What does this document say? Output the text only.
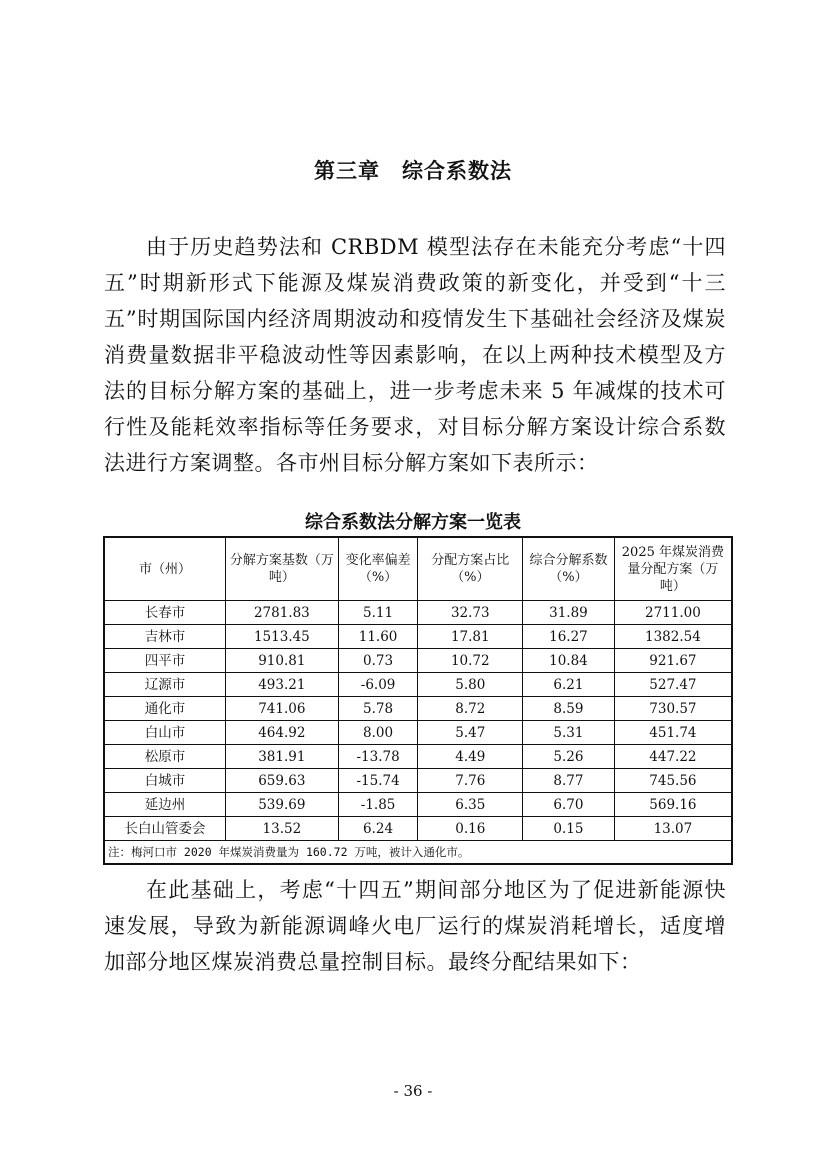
第三章　综合系数法

由于历史趋势法和 CRBDM 模型法存在未能充分考虑“十四五”时期新形式下能源及煤炭消费政策的新变化，并受到“十三五”时期国际国内经济周期波动和疫情发生下基础社会经济及煤炭消费量数据非平稳波动性等因素影响，在以上两种技术模型及方法的目标分解方案的基础上，进一步考虑未来 5 年减煤的技术可行性及能耗效率指标等任务要求，对目标分解方案设计综合系数法进行方案调整。各市州目标分解方案如下表所示：

综合系数法分解方案一览表
市（州）	分解方案基数（万吨）	变化率偏差（%）	分配方案占比（%）	综合分解系数（%）	2025 年煤炭消费量分配方案（万吨）
长春市	2781.83	5.11	32.73	31.89	2711.00
吉林市	1513.45	11.60	17.81	16.27	1382.54
四平市	910.81	0.73	10.72	10.84	921.67
辽源市	493.21	-6.09	5.80	6.21	527.47
通化市	741.06	5.78	8.72	8.59	730.57
白山市	464.92	8.00	5.47	5.31	451.74
松原市	381.91	-13.78	4.49	5.26	447.22
白城市	659.63	-15.74	7.76	8.77	745.56
延边州	539.69	-1.85	6.35	6.70	569.16
长白山管委会	13.52	6.24	0.16	0.15	13.07
注：梅河口市 2020 年煤炭消费量为 160.72 万吨，被计入通化市。					

在此基础上，考虑“十四五”期间部分地区为了促进新能源快速发展，导致为新能源调峰火电厂运行的煤炭消耗增长，适度增加部分地区煤炭消费总量控制目标。最终分配结果如下：

- 36 -
